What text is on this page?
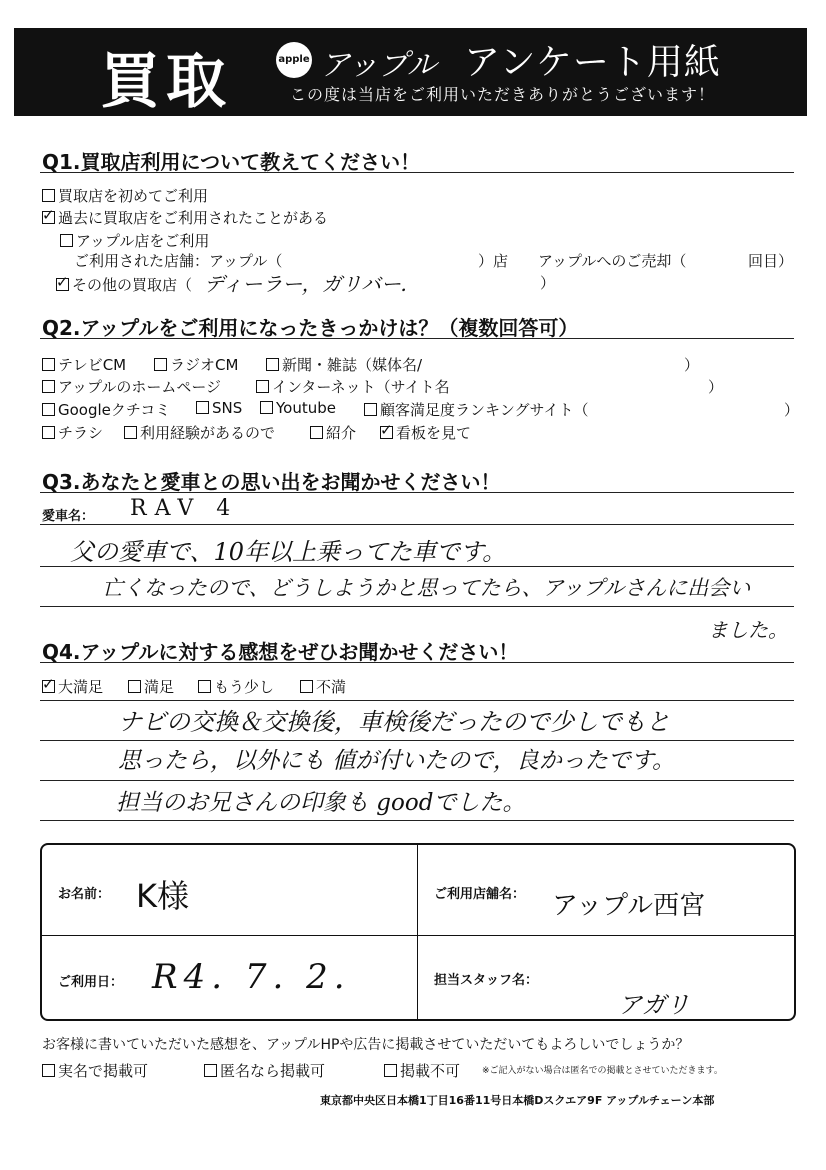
買取	apple アップル アンケート用紙
この度は当店をご利用いただきありがとうございます！
Q1.買取店利用について教えてください！
買取店を初めてご利用
✓過去に買取店をご利用されたことがある
アップル店をご利用
ご利用された店舗：アップル（	）店 アップルへのご売却（	回目）
✓その他の買取店（ ディーラー，ガリバー．	）
Q2.アップルをご利用になったきっかけは？（複数回答可）
テレビCM	ラジオCM	新聞・雑誌（媒体名/	）
アップルのホームページ	インターネット（サイト名	）
Googleクチコミ	SNS	Youtube	顧客満足度ランキングサイト（	）
チラシ	利用経験があるので	紹介
✓	看板を見て
Q3.あなたと愛車との思い出をお聞かせください！
愛車名： RAV 4
父の愛車で、10年以上乗ってた車です。
亡くなったので、どうしようかと思ってたら、アップルさんに出会い
ました。
Q4.アップルに対する感想をぜひお聞かせください！
✓大満足	満足	もう少し	不満
ナビの交換＆交換後，車検後だったので少しでもと
思ったら，以外にも 値が付いたので，良かったです。
担当のお兄さんの印象も goodでした。
お名前： K様	ご利用店舗名： アップル西宮
ご利用日： R4. 7. 2.	担当スタッフ名：
アガリ
お客様に書いていただいた感想を、アップルHPや広告に掲載させていただいてもよろしいでしょうか？
実名で掲載可	匿名なら掲載可	掲載不可 ※ご記入がない場合は匿名での掲載とさせていただきます。
東京都中央区日本橋1丁目16番11号日本橋Dスクエア9F アップルチェーン本部
